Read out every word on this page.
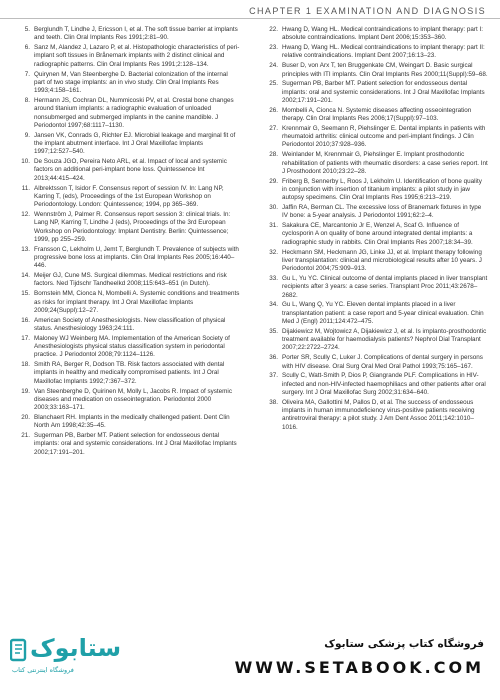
CHAPTER 1 EXAMINATION AND DIAGNOSIS
5. Berglundh T, Lindhe J, Ericsson I, et al. The soft tissue barrier at implants and teeth. Clin Oral Implants Res 1991;2:81–90.
6. Sanz M, Alandez J, Lazaro P, et al. Histopathologic characteristics of peri-implant soft tissues in Brånemark implants with 2 distinct clinical and radiographic patterns. Clin Oral Implants Res 1991;2:128–134.
7. Quirynen M, Van Steenberghe D. Bacterial colonization of the internal part of two stage implants: an in vivo study. Clin Oral Implants Res 1993;4:158–161.
8. Hermann JS, Cochran DL, Nummicoski PV, et al. Crestal bone changes around titanium implants: a radiographic evaluation of unloaded nonsubmerged and submerged implants in the canine mandible. J Periodontol 1997;68:1117–1130.
9. Jansen VK, Conrads G, Richter EJ. Microbial leakage and marginal fit of the implant abutment interface. Int J Oral Maxillofac Implants 1997;12:527–540.
10. De Souza JGO, Pereira Neto ARL, et al. Impact of local and systemic factors on additional peri-implant bone loss. Quintessence Int 2013;44:415–424.
11. Albrektsson T, Isidor F. Consensus report of session IV. In: Lang NP, Karring T, (eds), Proceedings of the 1st European Workshop on Periodontology. London: Quintessence; 1994, pp 365–369.
12. Wennström J, Palmer R. Consensus report session 3: clinical trials. In: Lang NP, Karring T, Lindhe J (eds), Proceedings of the 3rd European Workshop on Periodontology: Implant Dentistry. Berlin: Quintessence; 1999, pp 255–259.
13. Fransson C, Lekholm U, Jemt T, Berglundh T. Prevalence of subjects with progressive bone loss at implants. Clin Oral Implants Res 2005;16:440–446.
14. Meijer GJ, Cune MS. Surgical dilemmas. Medical restrictions and risk factors. Ned Tijdschr Tandheelkd 2008;115:643–651 (in Dutch).
15. Bornstein MM, Cionca N, Mombelli A. Systemic conditions and treatments as risks for implant therapy. Int J Oral Maxillofac Implants 2009;24(Suppl):12–27.
16. American Society of Anesthesiologists. New classification of physical status. Anesthesiology 1963;24:111.
17. Maloney WJ Weinberg MA. Implementation of the American Society of Anesthesiologists physical status classification system in periodontal practice. J Periodontol 2008;79:1124–1126.
18. Smith RA, Berger R, Dodson TB. Risk factors associated with dental implants in healthy and medically compromised patients. Int J Oral Maxillofac Implants 1992;7:367–372.
19. Van Steenberghe D, Quirinen M, Molly L, Jacobs R. Impact of systemic diseases and medication on osseointegration. Periodontol 2000 2003;33:163–171.
20. Blanchaert RH. Implants in the medically challenged patient. Dent Clin North Am 1998;42:35–45.
21. Sugerman PB, Barber MT. Patient selection for endosseous dental implants: oral and systemic considerations. Int J Oral Maxillofac Implants 2002;17:191–201.
22. Hwang D, Wang HL. Medical contraindications to implant therapy: part I: absolute contraindications. Implant Dent 2006;15:353–360.
23. Hwang D, Wang HL. Medical contraindications to implant therapy: part II: relative contraindications. Implant Dent 2007;16:13–23.
24. Buser D, von Arx T, ten Bruggenkate CM, Weingart D. Basic surgical principles with ITI implants. Clin Oral Implants Res 2000;11(Suppl):59–68.
25. Sugerman PB, Barber MT. Patient selection for endosseous dental implants: oral and systemic considerations. Int J Oral Maxillofac Implants 2002;17:191–201.
26. Mombelli A, Cionca N. Systemic diseases affecting osseointegration therapy. Clin Oral Implants Res 2006;17(Suppl):97–103.
27. Krennmair G, Seemann R, Piehslinger E. Dental implants in patients with rheumatoid arthritis: clinical outcome and peri-implant findings. J Clin Periodontol 2010;37:928–936.
28. Weinlander M, Krennmair G, Piehslinger E. Implant prosthodontic rehabilitation of patients with rheumatic disorders: a case series report. Int J Prosthodont 2010;23:22–28.
29. Friberg B, Sennerby L, Roos J, Lekholm U. Identification of bone quality in conjunction with insertion of titanium implants: a pilot study in jaw autopsy specimens. Clin Oral Implants Res 1995;6:213–219.
30. Jaffin RA, Berman CL. The excessive loss of Branemark fixtures in type IV bone: a 5-year analysis. J Periodontol 1991;62:2–4.
31. Sakakura CE, Marcantonio Jr E, Wenzel A, Scaf G. Influence of cyclosporin A on quality of bone around integrated dental implants: a radiographic study in rabbits. Clin Oral Implants Res 2007;18:34–39.
32. Heckmann SM, Heckmann JG, Linke JJ, et al. Implant therapy following liver transplantation: clinical and microbiological results after 10 years. J Periodontol 2004;75:909–913.
33. Gu L, Yu YC. Clinical outcome of dental implants placed in liver transplant recipients after 3 years: a case series. Transplant Proc 2011;43:2678–2682.
34. Gu L, Wang Q, Yu YC. Eleven dental implants placed in a liver transplantation patient: a case report and 5-year clinical evaluation. Chin Med J (Engl) 2011;124:472–475.
35. Dijakiewicz M, Wojtowicz A, Dijakiewicz J, et al. Is implanto-prosthodontic treatment available for haemodialysis patients? Nephrol Dial Transplant 2007;22:2722–2724.
36. Porter SR, Scully C, Luker J. Complications of dental surgery in persons with HIV disease. Oral Surg Oral Med Oral Pathol 1993;75:165–167.
37. Scully C, Watt-Smith P, Dios P, Giangrande PLF. Complications in HIV-infected and non-HIV-infected haemophiliacs and other patients after oral surgery. Int J Oral Maxillofac Surg 2002;31:634–640.
38. Oliveira MA, Gallottini M, Pallos D, et al. The success of endosseous implants in human immunodeficiency virus-positive patients receiving antiretroviral therapy: a pilot study. J Am Dent Assoc 2011;142:1010–1016.
ستابوک
فروشگاه اینترنتی کتاب
فروشگاه کتاب پزشکی ستابوک
WWW.SETABOOK.COM
